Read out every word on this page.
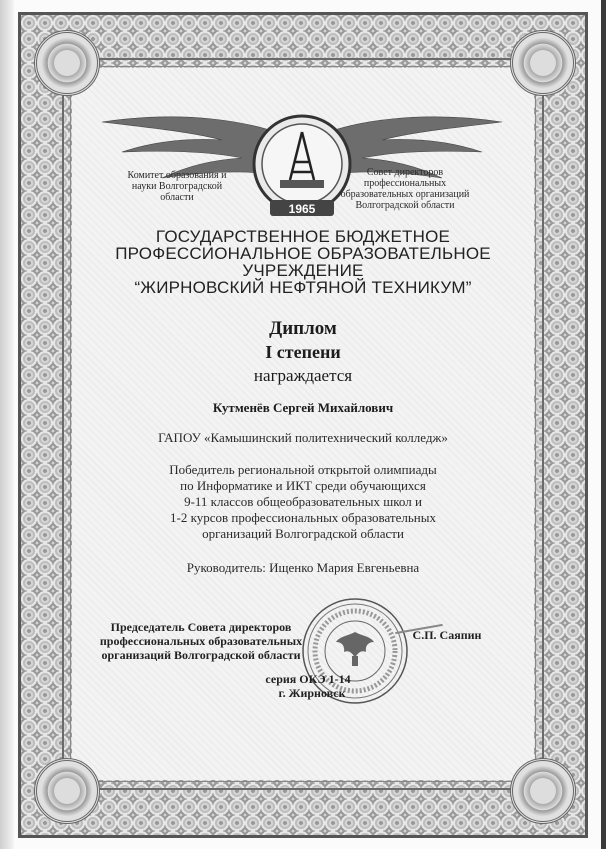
1965
Комитет образования и
науки Волгоградской
области
Совет директоров
профессиональных
образовательных организаций
Волгоградской области
ГОСУДАРСТВЕННОЕ БЮДЖЕТНОЕ
ПРОФЕССИОНАЛЬНОЕ ОБРАЗОВАТЕЛЬНОЕ
УЧРЕЖДЕНИЕ
“ЖИРНОВСКИЙ НЕФТЯНОЙ ТЕХНИКУМ”
Диплом
I степени
награждается
Кутменёв Сергей Михайлович
ГАПОУ «Камышинский политехнический колледж»
Победитель региональной открытой олимпиады
по Информатике и ИКТ среди обучающихся
9-11 классов общеобразовательных школ и
1-2 курсов профессиональных образовательных
организаций Волгоградской области
Руководитель: Ищенко Мария Евгеньевна
Председатель Совета директоров
профессиональных образовательных
организаций Волгоградской области
С.П. Саяпин
серия ОКЭ 1-14
г. Жирновск
